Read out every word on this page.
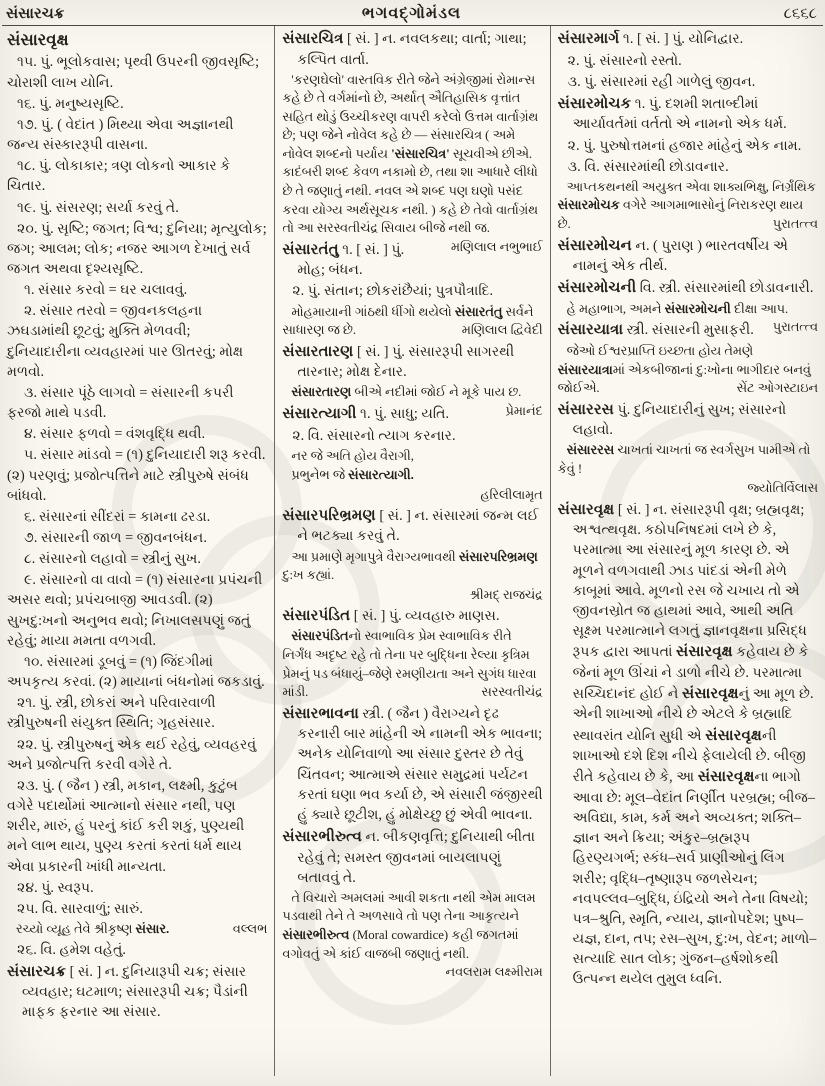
સંસારચક્ર	ભગવદ્ગોમંડલ	૮૬૬૮

સંસારવૃક્ષ

૧૫. પું. ભૂલોકવાસ; પૃથ્વી ઉપરની જીવસૃષ્ટિ; ચોરાશી લાખ યોનિ.

૧૬. પું. મનુષ્યસૃષ્ટિ.

૧૭. પું. ( વેદાંત ) મિથ્યા એવા અજ્ઞાનથી જન્ય સંસ્કારરૂપી વાસના.

૧૮. પું. લોકાકાર; ત્રણ લોકનો આકાર કે ચિતાર.

૧૯. પું. સંસરણ; સર્યા કરવું તે.

૨૦. પું. સૃષ્ટિ; જગત; વિશ્વ; દુનિયા; મૃત્યુલોક; જગ; આલમ; લોક; નજર આગળ દેખાતું સર્વ જગત અથવા દૃશ્યસૃષ્ટિ.

૧. સંસાર કરવો = ઘર ચલાવવું.

૨. સંસાર તરવો = જીવનકલહના ઝઘડામાંથી છૂટવું; મુક્તિ મેળવવી; દુનિયાદારીના વ્યવહારમાં પાર ઊતરવું; મોક્ષ મળવો.

૩. સંસાર પૂંઠે લાગવો = સંસારની કપરી ફરજો માથે પડવી.

૪. સંસાર ફળવો = વંશવૃદ્ધિ થવી.

૫. સંસાર માંડવો = (૧) દુનિયાદારી શરૂ કરવી. (૨) પરણવું; પ્રજોત્પત્તિને માટે સ્ત્રીપુરુષે સંબંધ બાંધવો.

૬. સંસારનાં સીંદરાં = કામના ઢરડા.

૭. સંસારની જાળ = જીવનબંધન.

૮. સંસારનો લહાવો = સ્ત્રીનું સુખ.

૯. સંસારનો વા વાવો = (૧) સંસારના પ્રપંચની અસર થવો; પ્રપંચબાજી આવડવી. (૨) સુખદુ:ખનો અનુભવ થવો; નિખાલસપણું જતું રહેવું; માયા મમતા વળગવી.

૧૦. સંસારમાં ડૂબવું = (૧) જિંદગીમાં અપકૃત્ય કરવાં. (૨) માયાનાં બંધનોમાં જકડાવું.

૨૧. પું. સ્ત્રી, છોકરાં અને પરિવારવાળી સ્ત્રીપુરુષની સંયુક્ત સ્થિતિ; ગૃહસંસાર.

૨૨. પું. સ્ત્રીપુરુષનું એક થઈ રહેવું, વ્યવહરવું અને પ્રજોત્પત્તિ કરવી વગેરે તે.

૨૩. પું. ( જૈન ) સ્ત્રી, મકાન, લક્ષ્મી, કુટુંબ વગેરે પદાર્થોમાં આત્માનો સંસાર નથી, પણ શરીર, મારું, હું પરનું કાંઈ કરી શકું, પુણ્યથી મને લાભ થાય, પુણ્ય કરતાં કરતાં ધર્મ થાય એવા પ્રકારની ખાંધી માન્યતા.

૨૪. પું. સ્વરૂપ.

૨૫. વિ. સારવાળું; સારું.

રચ્યો વ્યૂહ તેવે શ્રીકૃષ્ણ સંસાર.	વલ્લભ

૨૬. વિ. હમેશ વહેતું.

સંસારચક્ર [ સં. ] ન. દુનિયારૂપી ચક્ર; સંસાર વ્યવહાર; ઘટમાળ; સંસારરૂપી ચક્ર; પૈડાંની માફક ફરનાર આ સંસાર.

સંસારચિત્ર [ સં. ] ન. નવલકથા; વાર્તા; ગાથા; કલ્પિત વાર્તા.

'કરણઘેલો' વાસ્તવિક રીતે જેને અંગ્રેજીમાં રોમાન્સ કહે છે તે વર્ગમાંનો છે, અર્થાત્ ઐતિહાસિક વૃત્તાંત સહિત થોડું ઉચ્ચીકરણ વાપરી કરેલો ઉત્તમ વાર્તાગ્રંથ છે; પણ જેને નોવેલ કહે છે — સંસારચિત્ર ( અમે નોવેલ શબ્દનો પર્યાય 'સંસારચિત્ર' સૂચવીએ છીએ. કાદંબરી શબ્દ કેવળ નકામો છે, તથા શા આધારે લીધો છે તે જણાતું નથી. નવલ એ શબ્દ પણ ઘણો પસંદ કરવા યોગ્ય અર્થસૂચક નથી. ) કહે છે તેવો વાર્તાગ્રંથ તો આ સરસ્વતીચંદ્ર સિવાય બીજે નથી જ.
મણિલાલ નભુભાઈ

સંસારતંતુ ૧. [ સં. ] પું. મોહ; બંધન.

૨. પું. સંતાન; છોકરાંછૈયાં; પુત્રપૌત્રાદિ.

મોહમાયાની ગાંઠથી ધીંગો થયેલો સંસારતંતુ સર્વને સાધારણ જ છે.	મણિલાલ દ્વિવેદી

સંસારતારણ [ સં. ] પું. સંસારરૂપી સાગરથી તારનાર; મોક્ષ દેનાર.

સંસારતારણ બીએ નદીમાં જોઈ ને મૂકે પાય છ.
પ્રેમાનંદ

સંસારત્યાગી ૧. પું. સાધુ; યતિ.

૨. વિ. સંસારનો ત્યાગ કરનાર.

નર જે અતિ હોય વૈરાગી,

પ્રભુનેભ જે સંસારત્યાગી.

હરિલીલામૃત

સંસારપરિભ્રમણ [ સં. ] ન. સંસારમાં જન્મ લઈ ને ભટક્યા કરવું તે.

આ પ્રમાણે મૃગાપુત્રે વૈરાગ્યભાવથી સંસારપરિભ્રમણ દુ:ખ કહ્યાં.

શ્રીમદ્ રાજચંદ્ર

સંસારપંડિત [ સં. ] પું. વ્યવહારુ માણસ.

સંસારપંડિતનો સ્વાભાવિક પ્રેમ સ્વાભાવિક રીતે નિર્ગંધ અદૃષ્ટ રહે તો તેના પર બુદ્ધિના રેલ્યા કૃત્રિમ પ્રેમનું પડ બંધાયું–જેણે રમણીયતા અને સુગંધ ધારવા માંડી.	સરસ્વતીચંદ્ર

સંસારભાવના સ્ત્રી. ( જૈન ) વૈરાગ્યને દૃઢ કરનારી બાર માંહેની એ નામની એક ભાવના; અનેક યોનિવાળો આ સંસાર દુસ્તર છે તેવું ચિંતવન; આત્માએ સંસાર સમુદ્રમાં પર્યટન કરતાં ઘણા ભવ કર્યા છે, એ સંસારી જંજીરથી હું ક્યારે છૂટીશ, હું મોક્ષેચ્છુ છું એવી ભાવના.

સંસારભીરુત્વ ન. બીકણવૃત્તિ; દુનિયાથી બીતા રહેવું તે; સમસ્ત જીવનમાં બાયલાપણું બતાવવું તે.

તે વિચારો અમલમાં આવી શકતા નથી એમ માલમ પડવાથી તેને તે અળસાવે તો પણ તેના આકૃત્યને સંસારભીરુત્વ (Moral cowardice) કહી જગતમાં વગોવતું એ કાંઈ વાજબી જણાતું નથી.
નવલરામ લક્ષ્મીરામ

સંસારમાર્ગ ૧. [ સં. ] પું. યોનિદ્વાર.

૨. પું. સંસારનો રસ્તો.

૩. પું. સંસારમાં રહી ગાળેલું જીવન.

સંસારમોચક ૧. પું. દશમી શતાબ્દીમાં આર્યાવર્તમાં વર્તતો એ નામનો એક ધર્મ.

૨. પું. પુરુષોત્તમનાં હજાર માંહેનું એક નામ.

૩. વિ. સંસારમાંથી છોડાવનાર.

આપ્તકથનથી અયુક્ત એવા શાક્યભિક્ષુ, નિર્ગ્રંથિક સંસારમોચક વગેરે આગમાભાસોનું નિરાકરણ થાય છે.	પુરાતત્ત્વ

સંસારમોચન ન. ( પુરાણ ) ભારતવર્ષીય એ નામનું એક તીર્થ.

સંસારમોચની વિ. સ્ત્રી. સંસારમાંથી છોડાવનારી.

હે મહાભાગ, અમને સંસારમોચની દીક્ષા આપ.
પુરાતત્ત્વ

સંસારયાત્રા સ્ત્રી. સંસારની મુસાફરી.

જેઓ ઈશ્વરપ્રાપ્તિ ઇચ્છતા હોય તેમણે સંસારયાત્રામાં એકબીજાનાં દુ:ખોના ભાગીદાર બનવું જોઈએ.	સેંટ ઓગસ્ટાઇન

સંસારરસ પું. દુનિયાદારીનું સુખ; સંસારનો લહાવો.

સંસારરસ ચાખતાં ચાખતાં જ સ્વર્ગસુખ પામીએ તો કેવું !

જ્યોતિર્વિલાસ

સંસારવૃક્ષ [ સં. ] ન. સંસારરૂપી વૃક્ષ; બ્રહ્મવૃક્ષ; અશ્વત્થવૃક્ષ. કઠોપનિષદમાં લખે છે કે, પરમાત્મા આ સંસારનું મૂળ કારણ છે. એ મૂળને વળગવાથી ઝાડ પાંદડાં એની મેળે કાબૂમાં આવે. મૂળનો રસ જે ચખાય તો એ જીવનસ્રોત જ હાથમાં આવે, આથી અતિ સૂક્ષ્મ પરમાત્માને લગતું જ્ઞાનવૃક્ષના પ્રસિદ્ધ રૂપક દ્વારા આપતાં સંસારવૃક્ષ કહેવાય છે કે જેનાં મૂળ ઊંચાં ને ડાળો નીચે છે. પરમાત્મા સચ્ચિદાનંદ હોઈ ને સંસારવૃક્ષનું આ મૂળ છે. એની શાખાઓ નીચે છે એટલે કે બ્રહ્માદિ સ્થાવરાંત યોનિ સુધી એ સંસારવૃક્ષની શાખાઓ દશે દિશ નીચે ફેલાયેલી છે. બીજી રીતે કહેવાય છે કે, આ સંસારવૃક્ષના ભાગો આવા છે: મૂલ–વેદાંત નિર્ણીત પરબ્રહ્મ; બીજ–અવિદ્યા, કામ, કર્મ અને અવ્યક્ત; શક્તિ–જ્ઞાન અને ક્રિયા; અંકુર–બ્રહ્મરૂપ હિરણ્યગર્ભ; સ્કંધ–સર્વ પ્રાણીઓનું લિંગ શરીર; વૃદ્ધિ–તૃષ્ણારૂપ જળસેચન; નવપલ્લવ–બુદ્ધિ, ઇંદ્રિયો અને તેના વિષયો; પત્ર–શ્રુતિ, સ્મૃતિ, ન્યાય, જ્ઞાનોપદેશ; પુષ્પ–યજ્ઞ, દાન, તપ; રસ–સુખ, દુ:ખ, વેદન; માળો–સત્યાદિ સાત લોક; ગુંજન–હર્ષશોકથી ઉત્પન્ન થયેલ તુમુલ ધ્વનિ.
